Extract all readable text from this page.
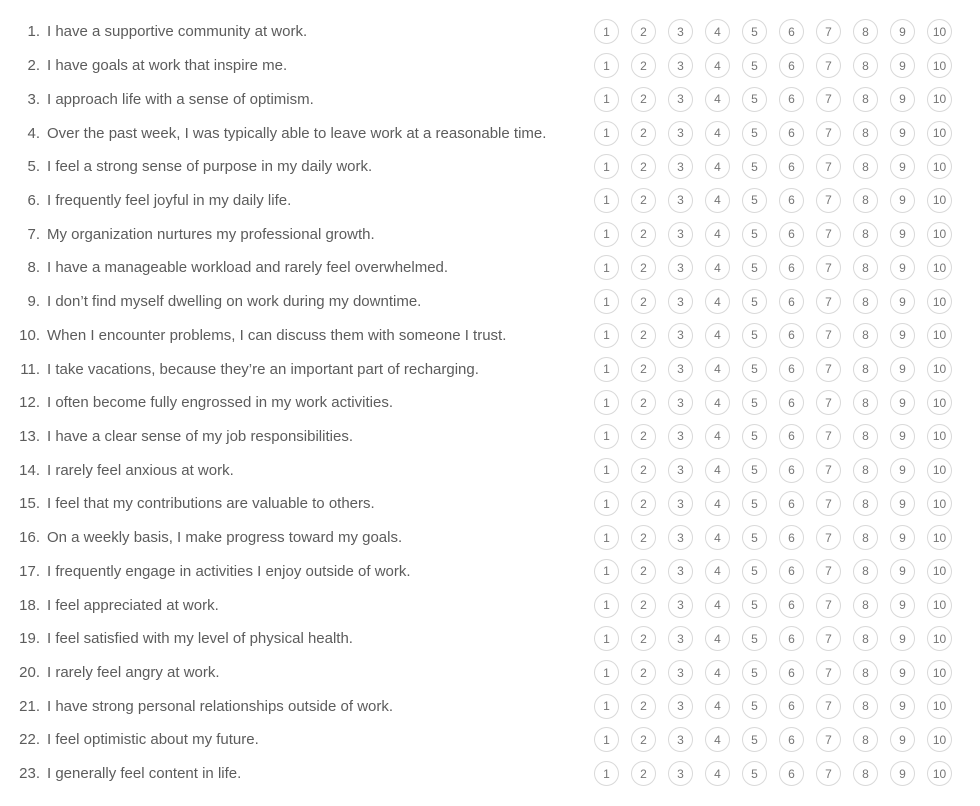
1. I have a supportive community at work.	1	2	3	4	5	6	7	8	9	10
2. I have goals at work that inspire me.	1	2	3	4	5	6	7	8	9	10
3. I approach life with a sense of optimism.	1	2	3	4	5	6	7	8	9	10
4. Over the past week, I was typically able to leave work at a reasonable time.	1	2	3	4	5	6	7	8	9	10
5. I feel a strong sense of purpose in my daily work.	1	2	3	4	5	6	7	8	9	10
6. I frequently feel joyful in my daily life.	1	2	3	4	5	6	7	8	9	10
7. My organization nurtures my professional growth.	1	2	3	4	5	6	7	8	9	10
8. I have a manageable workload and rarely feel overwhelmed.	1	2	3	4	5	6	7	8	9	10
9. I don’t find myself dwelling on work during my downtime.	1	2	3	4	5	6	7	8	9	10
10. When I encounter problems, I can discuss them with someone I trust.	1	2	3	4	5	6	7	8	9	10
11. I take vacations, because they’re an important part of recharging.	1	2	3	4	5	6	7	8	9	10
12. I often become fully engrossed in my work activities.	1	2	3	4	5	6	7	8	9	10
13. I have a clear sense of my job responsibilities.	1	2	3	4	5	6	7	8	9	10
14. I rarely feel anxious at work.	1	2	3	4	5	6	7	8	9	10
15. I feel that my contributions are valuable to others.	1	2	3	4	5	6	7	8	9	10
16. On a weekly basis, I make progress toward my goals.	1	2	3	4	5	6	7	8	9	10
17. I frequently engage in activities I enjoy outside of work.	1	2	3	4	5	6	7	8	9	10
18. I feel appreciated at work.	1	2	3	4	5	6	7	8	9	10
19. I feel satisfied with my level of physical health.	1	2	3	4	5	6	7	8	9	10
20. I rarely feel angry at work.	1	2	3	4	5	6	7	8	9	10
21. I have strong personal relationships outside of work.	1	2	3	4	5	6	7	8	9	10
22. I feel optimistic about my future.	1	2	3	4	5	6	7	8	9	10
23. I generally feel content in life.	1	2	3	4	5	6	7	8	9	10
